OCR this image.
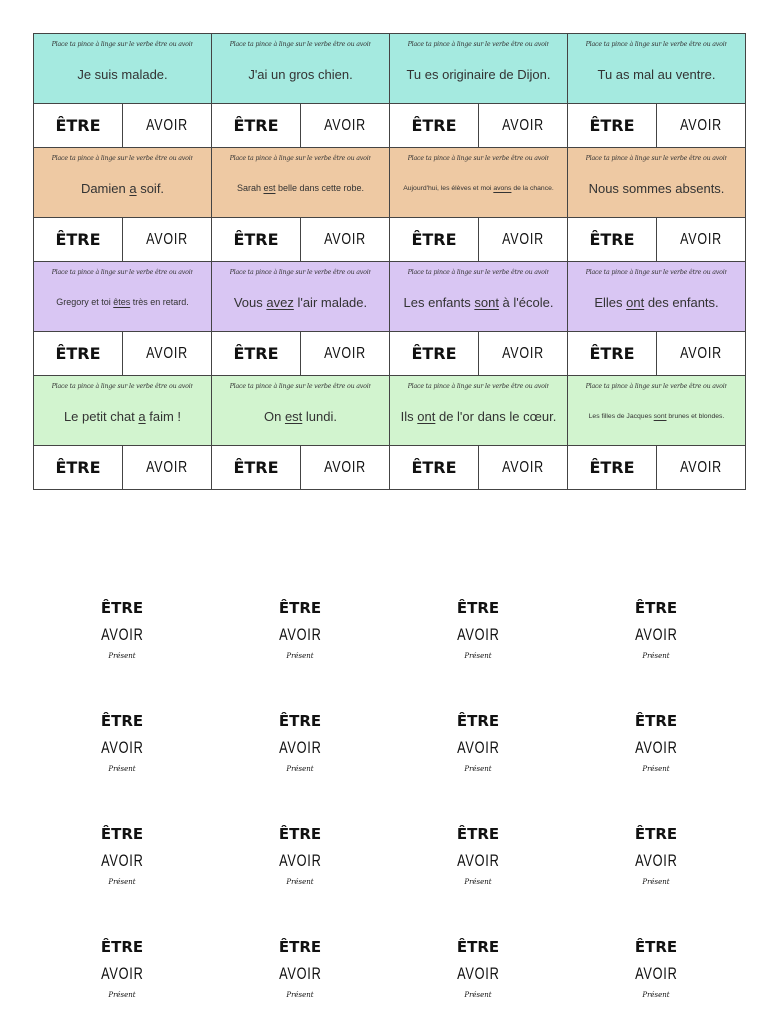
Place ta pince à linge sur le verbe être ou avoir
Je suis malade.
ÊTRE	AVOIR
Place ta pince à linge sur le verbe être ou avoir
J'ai un gros chien.
ÊTRE	AVOIR
Place ta pince à linge sur le verbe être ou avoir
Tu es originaire de Dijon.
ÊTRE	AVOIR
Place ta pince à linge sur le verbe être ou avoir
Tu as mal au ventre.
ÊTRE	AVOIR
Place ta pince à linge sur le verbe être ou avoir
Damien a soif.
ÊTRE	AVOIR
Place ta pince à linge sur le verbe être ou avoir
Sarah est belle dans cette robe.
ÊTRE	AVOIR
Place ta pince à linge sur le verbe être ou avoir
Aujourd'hui, les élèves et moi avons de la chance.
ÊTRE	AVOIR
Place ta pince à linge sur le verbe être ou avoir
Nous sommes absents.
ÊTRE	AVOIR
Place ta pince à linge sur le verbe être ou avoir
Gregory et toi êtes très en retard.
ÊTRE	AVOIR
Place ta pince à linge sur le verbe être ou avoir
Vous avez l'air malade.
ÊTRE	AVOIR
Place ta pince à linge sur le verbe être ou avoir
Les enfants sont à l'école.
ÊTRE	AVOIR
Place ta pince à linge sur le verbe être ou avoir
Elles ont des enfants.
ÊTRE	AVOIR
Place ta pince à linge sur le verbe être ou avoir
Le petit chat a faim !
ÊTRE	AVOIR
Place ta pince à linge sur le verbe être ou avoir
On est lundi.
ÊTRE	AVOIR
Place ta pince à linge sur le verbe être ou avoir
Ils ont de l'or dans le cœur.
ÊTRE	AVOIR
Place ta pince à linge sur le verbe être ou avoir
Les filles de Jacques sont brunes et blondes.
ÊTRE	AVOIR
ÊTRE
AVOIR
Présent
ÊTRE
AVOIR
Présent
ÊTRE
AVOIR
Présent
ÊTRE
AVOIR
Présent
ÊTRE
AVOIR
Présent
ÊTRE
AVOIR
Présent
ÊTRE
AVOIR
Présent
ÊTRE
AVOIR
Présent
ÊTRE
AVOIR
Présent
ÊTRE
AVOIR
Présent
ÊTRE
AVOIR
Présent
ÊTRE
AVOIR
Présent
ÊTRE
AVOIR
Présent
ÊTRE
AVOIR
Présent
ÊTRE
AVOIR
Présent
ÊTRE
AVOIR
Présent
